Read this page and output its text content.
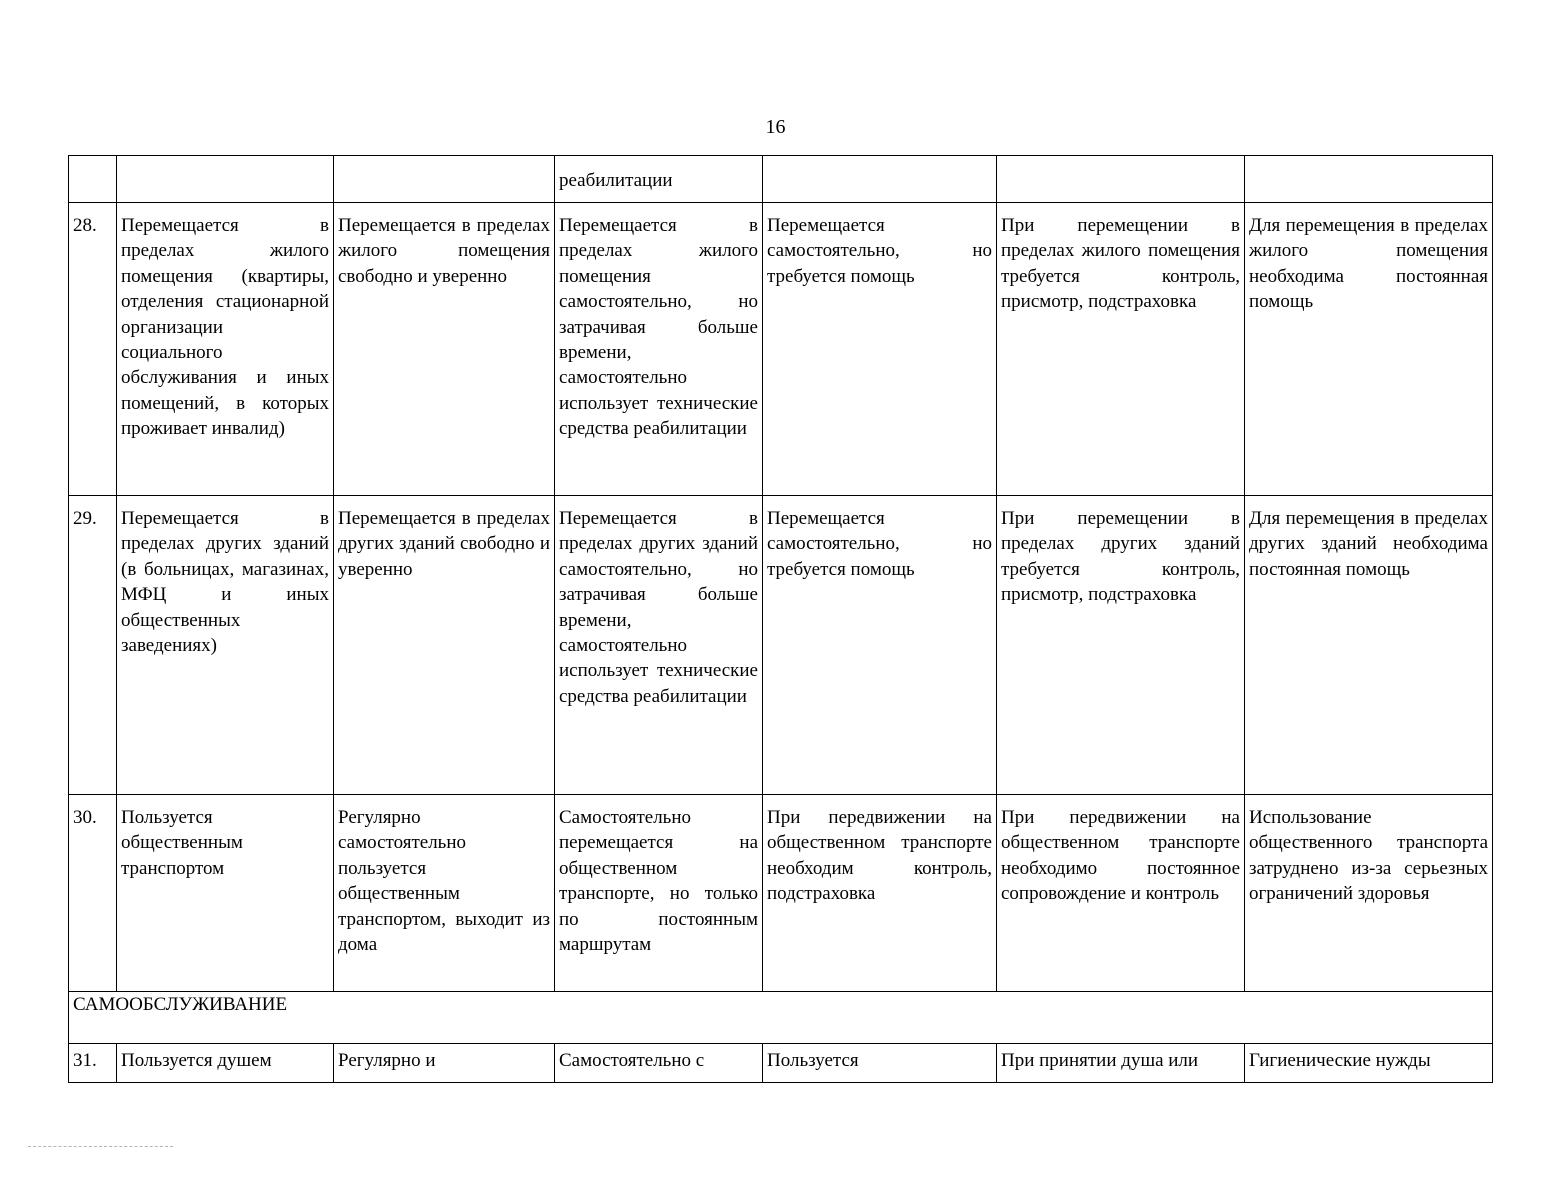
16
			реабилитации			
28.	Перемещается в пределах жилого помещения (квартиры, отделения стационарной организации социального обслуживания и иных помещений, в которых проживает инвалид)	Перемещается в пределах жилого помещения свободно и уверенно	Перемещается в пределах жилого помещения самостоятельно, но затрачивая больше времени, самостоятельно использует технические средства реабилитации	Перемещается самостоятельно, но требуется помощь	При перемещении в пределах жилого помещения требуется контроль, присмотр, подстраховка	Для перемещения в пределах жилого помещения необходима постоянная помощь
29.	Перемещается в пределах других зданий (в больницах, магазинах, МФЦ и иных общественных заведениях)	Перемещается в пределах других зданий свободно и уверенно	Перемещается в пределах других зданий самостоятельно, но затрачивая больше времени, самостоятельно использует технические средства реабилитации	Перемещается самостоятельно, но требуется помощь	При перемещении в пределах других зданий требуется контроль, присмотр, подстраховка	Для перемещения в пределах других зданий необходима постоянная помощь
30.	Пользуется общественным транспортом	Регулярно самостоятельно пользуется общественным транспортом, выходит из дома	Самостоятельно перемещается на общественном транспорте, но только по постоянным маршрутам	При передвижении на общественном транспорте необходим контроль, подстраховка	При передвижении на общественном транспорте необходимо постоянное сопровождение и контроль	Использование общественного транспорта затруднено из-за серьезных ограничений здоровья
САМООБСЛУЖИВАНИЕ						
31.	Пользуется душем	Регулярно и	Самостоятельно с	Пользуется	При принятии душа или	Гигиенические нужды
